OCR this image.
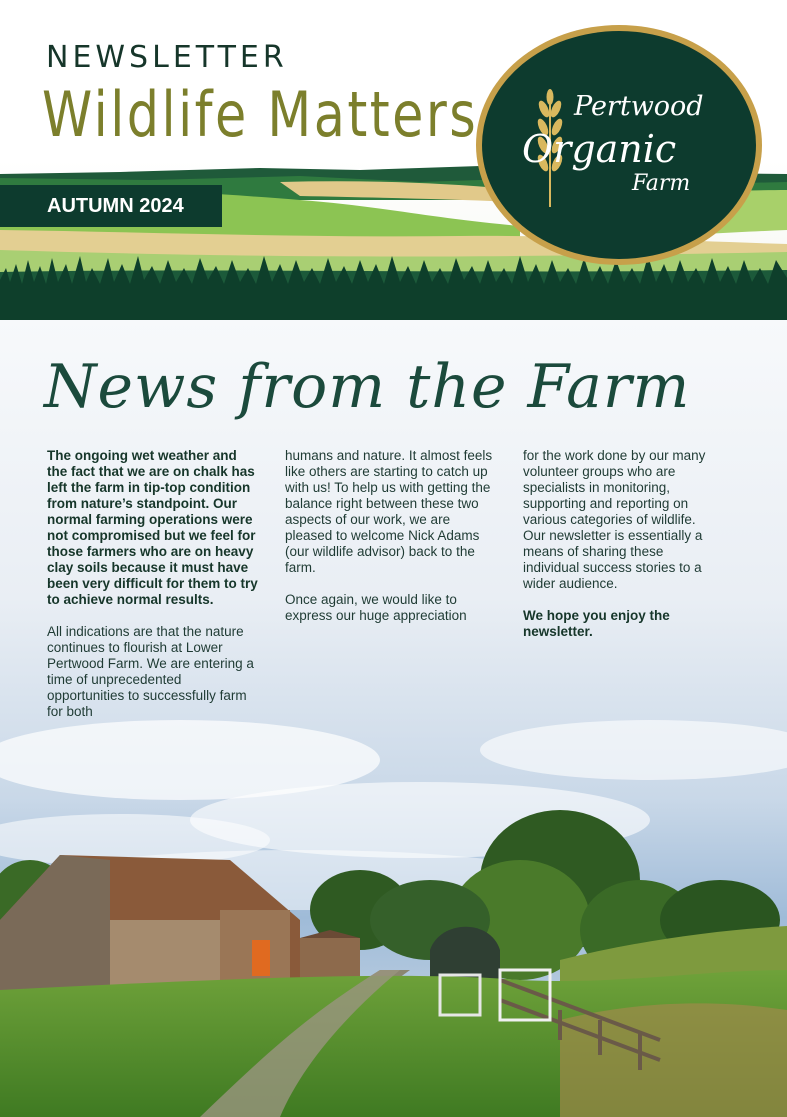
NEWSLETTER
Wildlife Matters
AUTUMN 2024
Pertwood
Organic
Farm
News from the Farm

The ongoing wet weather and the fact that we are on chalk has left the farm in tip-top condition from nature’s standpoint. Our normal farming operations were not compromised but we feel for those farmers who are on heavy clay soils because it must have been very difficult for them to try to achieve normal results.

All indications are that the nature continues to flourish at Lower Pertwood Farm. We are entering a time of unprecedented opportunities to successfully farm for both

humans and nature. It almost feels like others are starting to catch up with us! To help us with getting the balance right between these two aspects of our work, we are pleased to welcome Nick Adams (our wildlife advisor) back to the farm.

Once again, we would like to express our huge appreciation

for the work done by our many volunteer groups who are specialists in monitoring, supporting and reporting on various categories of wildlife. Our newsletter is essentially a means of sharing these individual success stories to a wider audience.

We hope you enjoy the newsletter.
